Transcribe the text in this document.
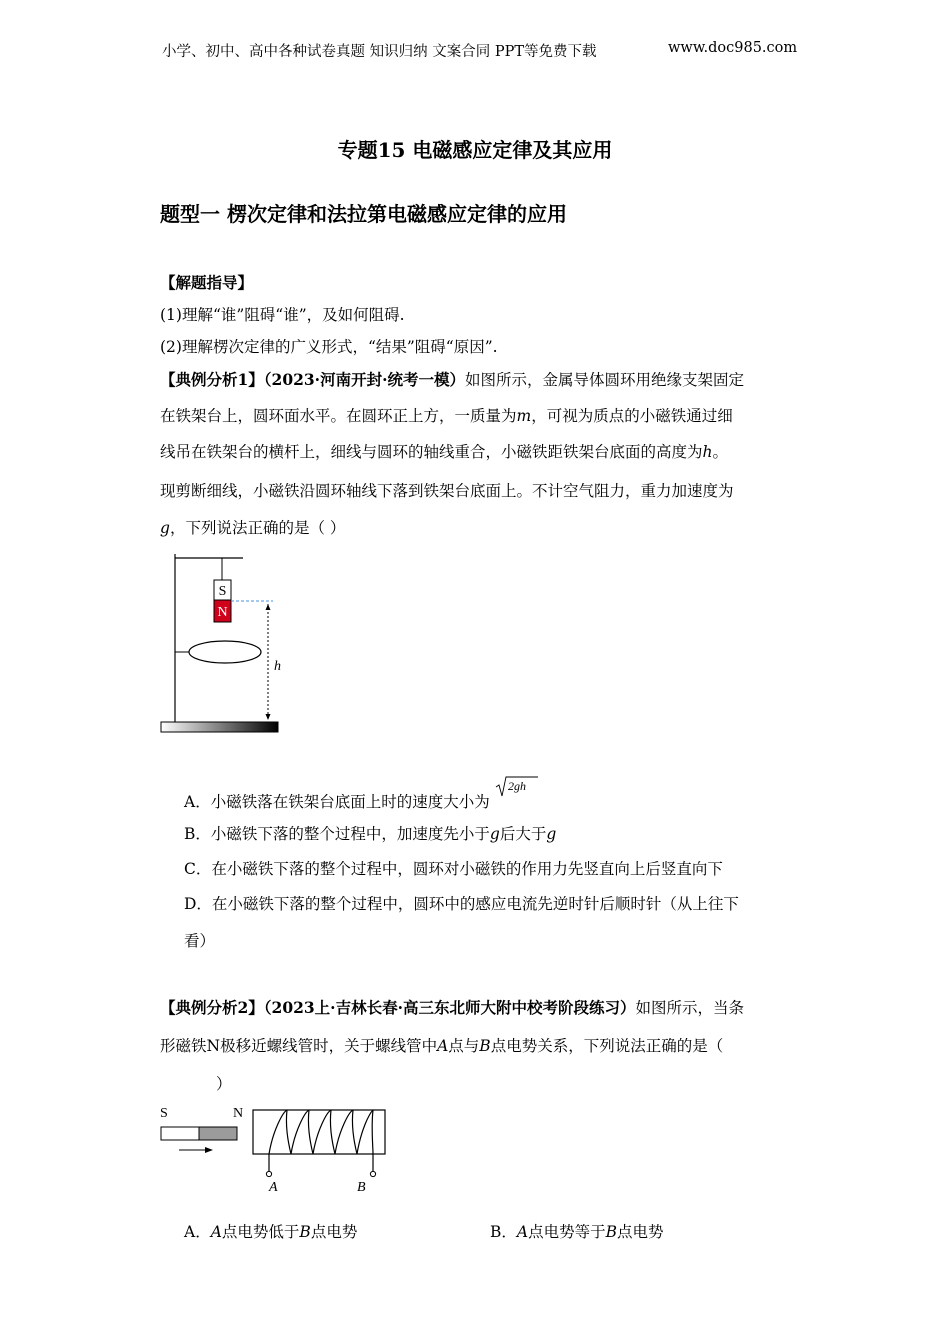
小学、初中、高中各种试卷真题 知识归纳 文案合同 PPT等免费下载	www.doc985.com
专题15 电磁感应定律及其应用
题型一 楞次定律和法拉第电磁感应定律的应用
【解题指导】
(1)理解“谁”阻碍“谁”，及如何阻碍.
(2)理解楞次定律的广义形式，“结果”阻碍“原因”.
【典例分析1】（2023·河南开封·统考一模）如图所示，金属导体圆环用绝缘支架固定
在铁架台上，圆环面水平。在圆环正上方，一质量为m，可视为质点的小磁铁通过细
线吊在铁架台的横杆上，细线与圆环的轴线重合，小磁铁距铁架台底面的高度为h。
现剪断细线，小磁铁沿圆环轴线下落到铁架台底面上。不计空气阻力，重力加速度为
g，下列说法正确的是（ ）
S
N
h
A．小磁铁落在铁架台底面上时的速度大小为
2gh
B．小磁铁下落的整个过程中，加速度先小于g后大于g
C．在小磁铁下落的整个过程中，圆环对小磁铁的作用力先竖直向上后竖直向下
D．在小磁铁下落的整个过程中，圆环中的感应电流先逆时针后顺时针（从上往下
看）
【典例分析2】（2023上·吉林长春·高三东北师大附中校考阶段练习）如图所示，当条
形磁铁N极移近螺线管时，关于螺线管中A点与B点电势关系，下列说法正确的是（
）
S	N
A	B
A．A点电势低于B点电势	B．A点电势等于B点电势
